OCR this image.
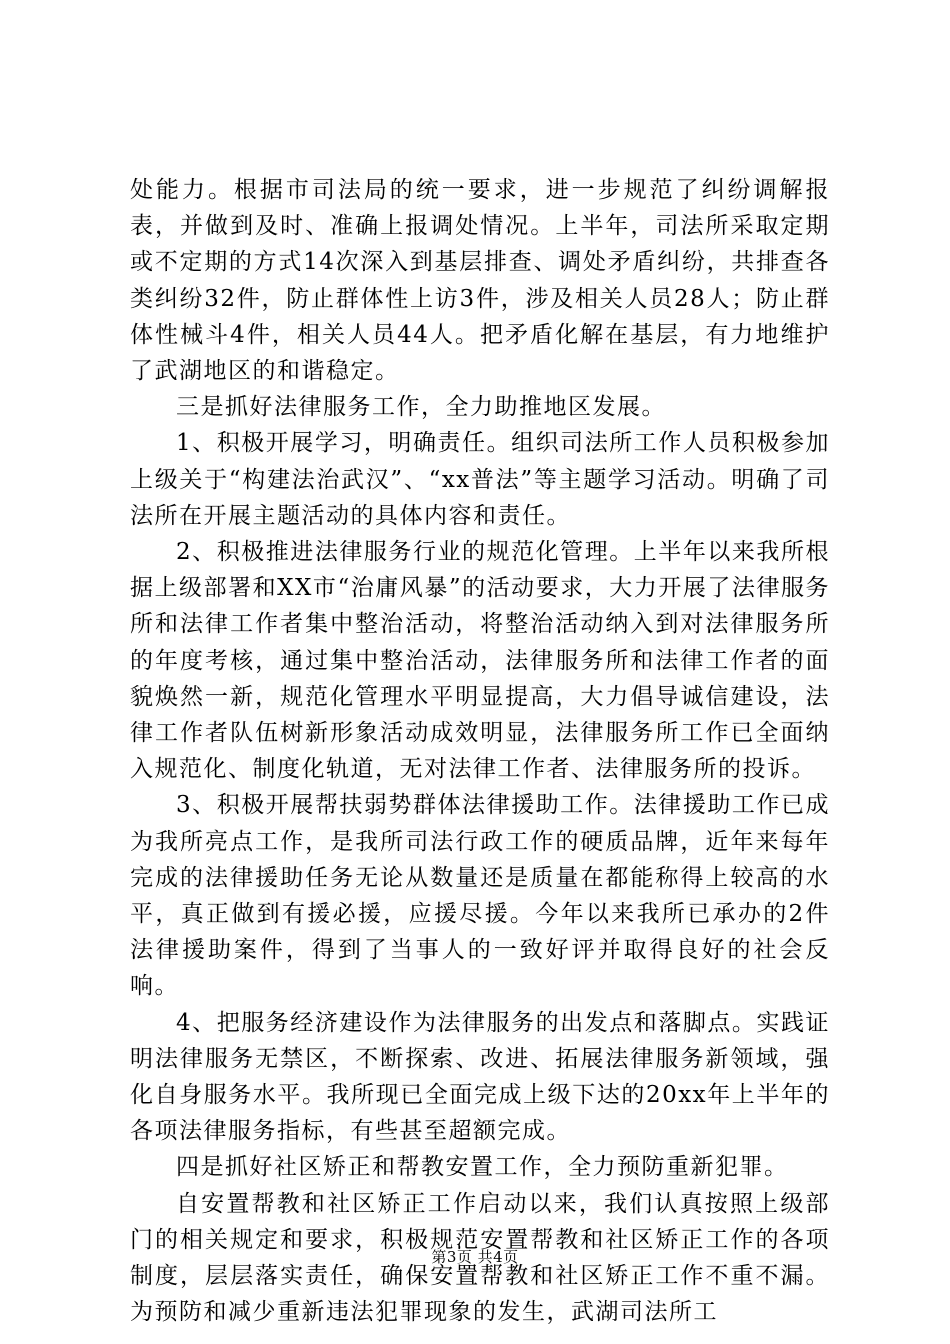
处能力。根据市司法局的统一要求，进一步规范了纠纷调解报表，并做到及时、准确上报调处情况。上半年，司法所采取定期或不定期的方式14次深入到基层排查、调处矛盾纠纷，共排查各类纠纷32件，防止群体性上访3件，涉及相关人员28人；防止群体性械斗4件，相关人员44人。把矛盾化解在基层，有力地维护了武湖地区的和谐稳定。

三是抓好法律服务工作，全力助推地区发展。

1、积极开展学习，明确责任。组织司法所工作人员积极参加上级关于“构建法治武汉”、“xx普法”等主题学习活动。明确了司法所在开展主题活动的具体内容和责任。

2、积极推进法律服务行业的规范化管理。上半年以来我所根据上级部署和XX市“治庸风暴”的活动要求，大力开展了法律服务所和法律工作者集中整治活动，将整治活动纳入到对法律服务所的年度考核，通过集中整治活动，法律服务所和法律工作者的面貌焕然一新，规范化管理水平明显提高，大力倡导诚信建设，法律工作者队伍树新形象活动成效明显，法律服务所工作已全面纳入规范化、制度化轨道，无对法律工作者、法律服务所的投诉。

3、积极开展帮扶弱势群体法律援助工作。法律援助工作已成为我所亮点工作，是我所司法行政工作的硬质品牌，近年来每年完成的法律援助任务无论从数量还是质量在都能称得上较高的水平，真正做到有援必援，应援尽援。今年以来我所已承办的2件法律援助案件，得到了当事人的一致好评并取得良好的社会反响。

4、把服务经济建设作为法律服务的出发点和落脚点。实践证明法律服务无禁区，不断探索、改进、拓展法律服务新领域，强化自身服务水平。我所现已全面完成上级下达的20xx年上半年的各项法律服务指标，有些甚至超额完成。

四是抓好社区矫正和帮教安置工作，全力预防重新犯罪。

自安置帮教和社区矫正工作启动以来，我们认真按照上级部门的相关规定和要求，积极规范安置帮教和社区矫正工作的各项制度，层层落实责任，确保安置帮教和社区矫正工作不重不漏。为预防和减少重新违法犯罪现象的发生，武湖司法所工

第3页 共4页
